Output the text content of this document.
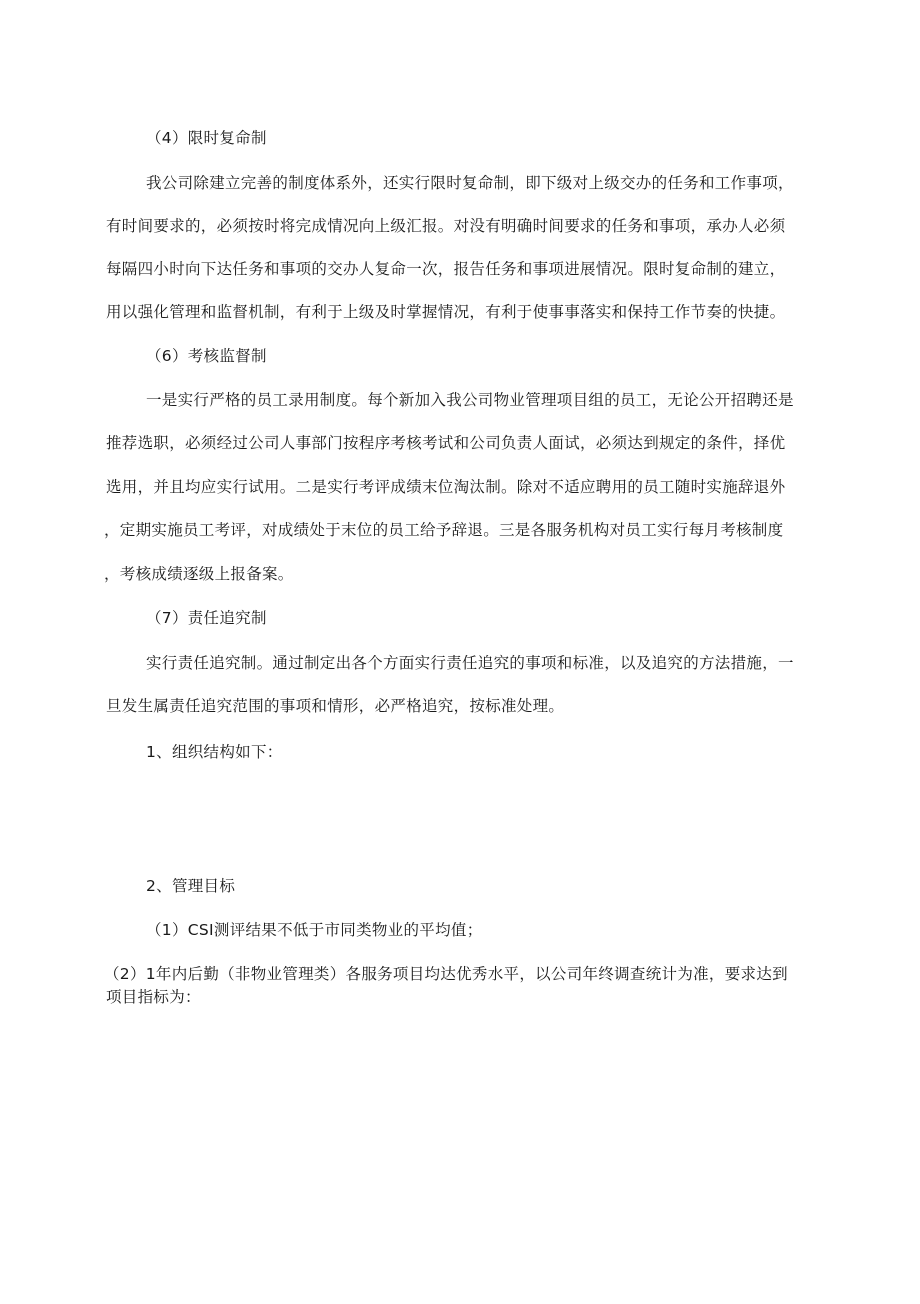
（4）限时复命制

我公司除建立完善的制度体系外，还实行限时复命制，即下级对上级交办的任务和工作事项，

有时间要求的，必须按时将完成情况向上级汇报。对没有明确时间要求的任务和事项，承办人必须

每隔四小时向下达任务和事项的交办人复命一次，报告任务和事项进展情况。限时复命制的建立，

用以强化管理和监督机制，有利于上级及时掌握情况，有利于使事事落实和保持工作节奏的快捷。

（6）考核监督制

一是实行严格的员工录用制度。每个新加入我公司物业管理项目组的员工，无论公开招聘还是

推荐选职，必须经过公司人事部门按程序考核考试和公司负责人面试，必须达到规定的条件，择优

选用，并且均应实行试用。二是实行考评成绩末位淘汰制。除对不适应聘用的员工随时实施辞退外

，定期实施员工考评，对成绩处于末位的员工给予辞退。三是各服务机构对员工实行每月考核制度

，考核成绩逐级上报备案。

（7）责任追究制

实行责任追究制。通过制定出各个方面实行责任追究的事项和标准，以及追究的方法措施，一

旦发生属责任追究范围的事项和情形，必严格追究，按标准处理。

1、组织结构如下：

2、管理目标

（1）CSI测评结果不低于市同类物业的平均值；

（2）1年内后勤（非物业管理类）各服务项目均达优秀水平，以公司年终调查统计为准，要求达到

项目指标为：
